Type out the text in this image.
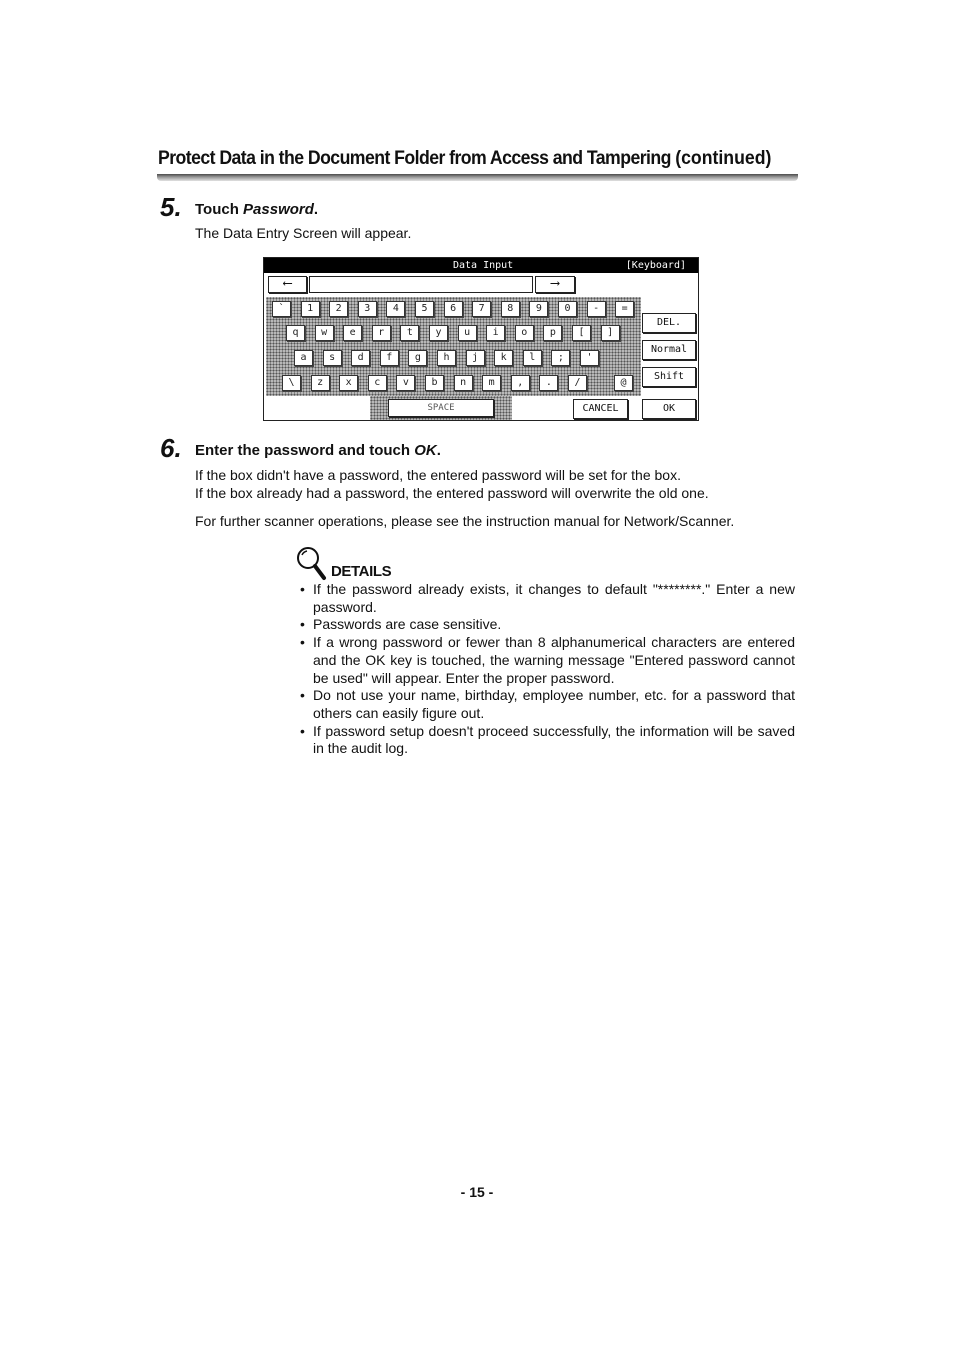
Protect Data in the Document Folder from Access and Tampering (continued)
5. Touch Password.
The Data Entry Screen will appear.
Data Input	[Keyboard]
⟵	_	⟶
`	1	2	3	4	5	6	7	8	9	0	-	=
q	w	e	r	t	y	u	i	o	p	[	]
a	s	d	f	g	h	j	k	l	;	'
\	z	x	c	v	b	n	m	,	.	/	@
SPACE
DEL.
Normal
Shift
CANCEL	OK
6. Enter the password and touch OK.
If the box didn't have a password, the entered password will be set for the box.
If the box already had a password, the entered password will overwrite the old one.
For further scanner operations, please see the instruction manual for Network/Scanner.
DETAILS
• If the password already exists, it changes to default "********." Enter a new password.
• Passwords are case sensitive.
• If a wrong password or fewer than 8 alphanumerical characters are entered and the OK key is touched, the warning message "Entered password cannot be used" will appear. Enter the proper password.
• Do not use your name, birthday, employee number, etc. for a password that others can easily figure out.
• If password setup doesn't proceed successfully, the information will be saved in the audit log.
- 15 -
